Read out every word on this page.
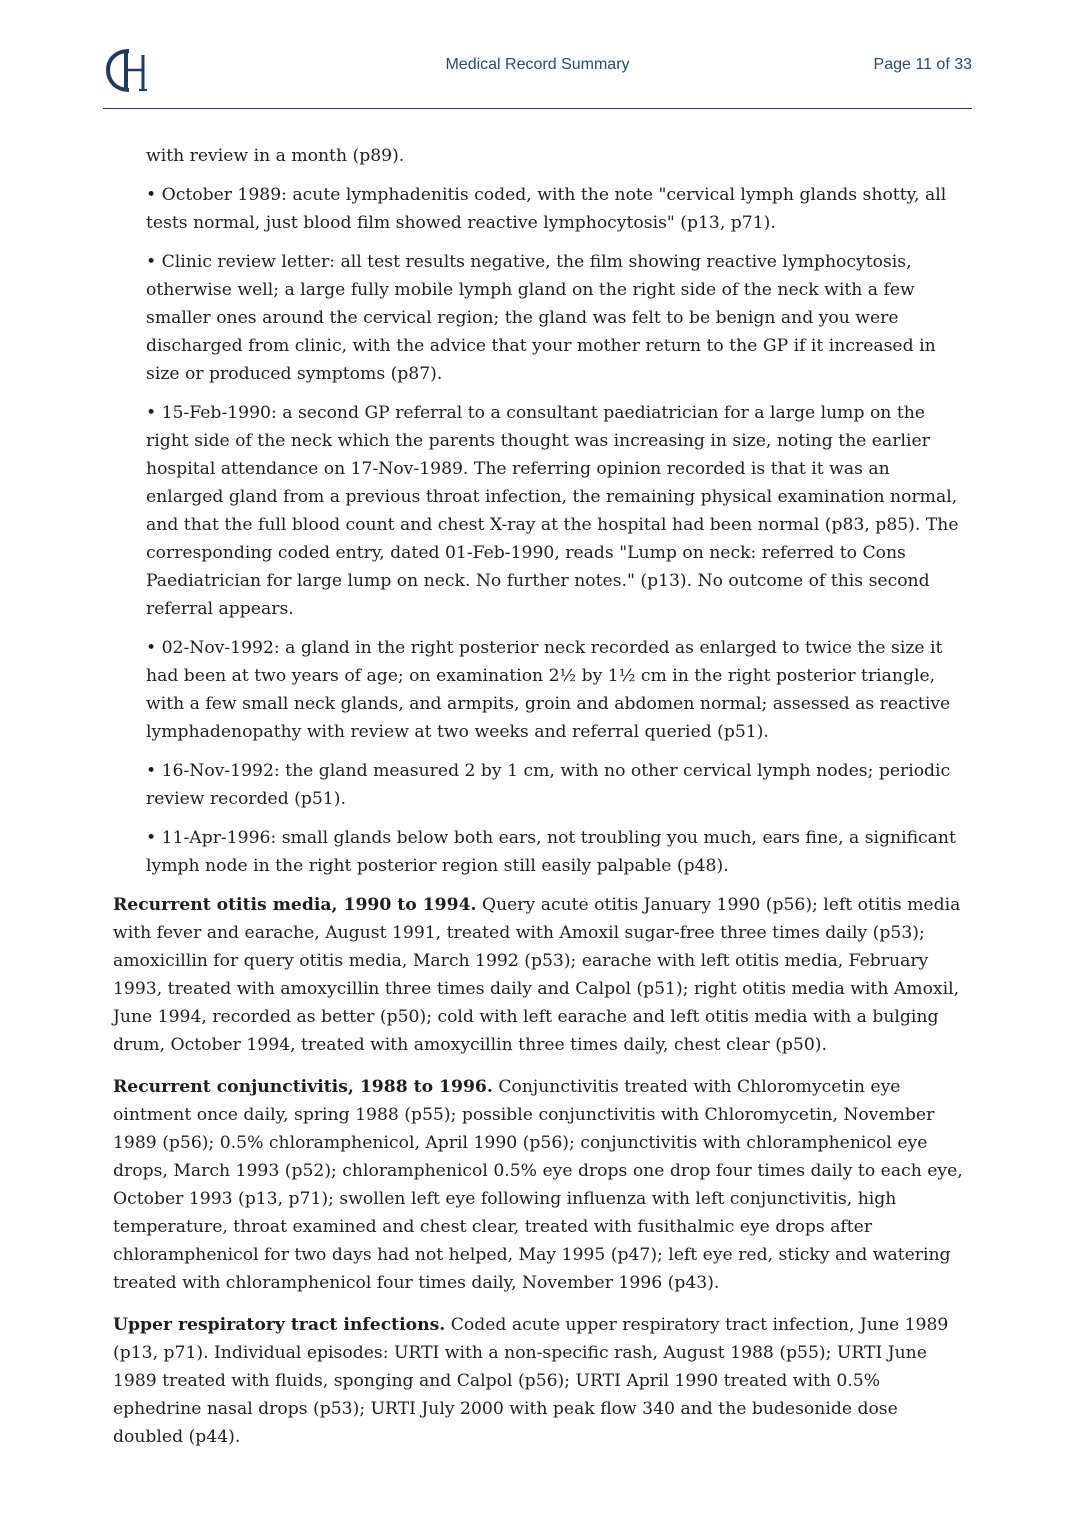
Medical Record Summary	Page 11 of 33
with review in a month (p89).
• October 1989: acute lymphadenitis coded, with the note "cervical lymph glands shotty, all tests normal, just blood film showed reactive lymphocytosis" (p13, p71).
• Clinic review letter: all test results negative, the film showing reactive lymphocytosis, otherwise well; a large fully mobile lymph gland on the right side of the neck with a few smaller ones around the cervical region; the gland was felt to be benign and you were discharged from clinic, with the advice that your mother return to the GP if it increased in size or produced symptoms (p87).
• 15-Feb-1990: a second GP referral to a consultant paediatrician for a large lump on the right side of the neck which the parents thought was increasing in size, noting the earlier hospital attendance on 17-Nov-1989. The referring opinion recorded is that it was an enlarged gland from a previous throat infection, the remaining physical examination normal, and that the full blood count and chest X-ray at the hospital had been normal (p83, p85). The corresponding coded entry, dated 01-Feb-1990, reads "Lump on neck: referred to Cons Paediatrician for large lump on neck. No further notes." (p13). No outcome of this second referral appears.
• 02-Nov-1992: a gland in the right posterior neck recorded as enlarged to twice the size it had been at two years of age; on examination 2½ by 1½ cm in the right posterior triangle, with a few small neck glands, and armpits, groin and abdomen normal; assessed as reactive lymphadenopathy with review at two weeks and referral queried (p51).
• 16-Nov-1992: the gland measured 2 by 1 cm, with no other cervical lymph nodes; periodic review recorded (p51).
• 11-Apr-1996: small glands below both ears, not troubling you much, ears fine, a significant lymph node in the right posterior region still easily palpable (p48).

Recurrent otitis media, 1990 to 1994. Query acute otitis January 1990 (p56); left otitis media with fever and earache, August 1991, treated with Amoxil sugar-free three times daily (p53); amoxicillin for query otitis media, March 1992 (p53); earache with left otitis media, February 1993, treated with amoxycillin three times daily and Calpol (p51); right otitis media with Amoxil, June 1994, recorded as better (p50); cold with left earache and left otitis media with a bulging drum, October 1994, treated with amoxycillin three times daily, chest clear (p50).

Recurrent conjunctivitis, 1988 to 1996. Conjunctivitis treated with Chloromycetin eye ointment once daily, spring 1988 (p55); possible conjunctivitis with Chloromycetin, November 1989 (p56); 0.5% chloramphenicol, April 1990 (p56); conjunctivitis with chloramphenicol eye drops, March 1993 (p52); chloramphenicol 0.5% eye drops one drop four times daily to each eye, October 1993 (p13, p71); swollen left eye following influenza with left conjunctivitis, high temperature, throat examined and chest clear, treated with fusithalmic eye drops after chloramphenicol for two days had not helped, May 1995 (p47); left eye red, sticky and watering treated with chloramphenicol four times daily, November 1996 (p43).

Upper respiratory tract infections. Coded acute upper respiratory tract infection, June 1989 (p13, p71). Individual episodes: URTI with a non-specific rash, August 1988 (p55); URTI June 1989 treated with fluids, sponging and Calpol (p56); URTI April 1990 treated with 0.5% ephedrine nasal drops (p53); URTI July 2000 with peak flow 340 and the budesonide dose doubled (p44).
